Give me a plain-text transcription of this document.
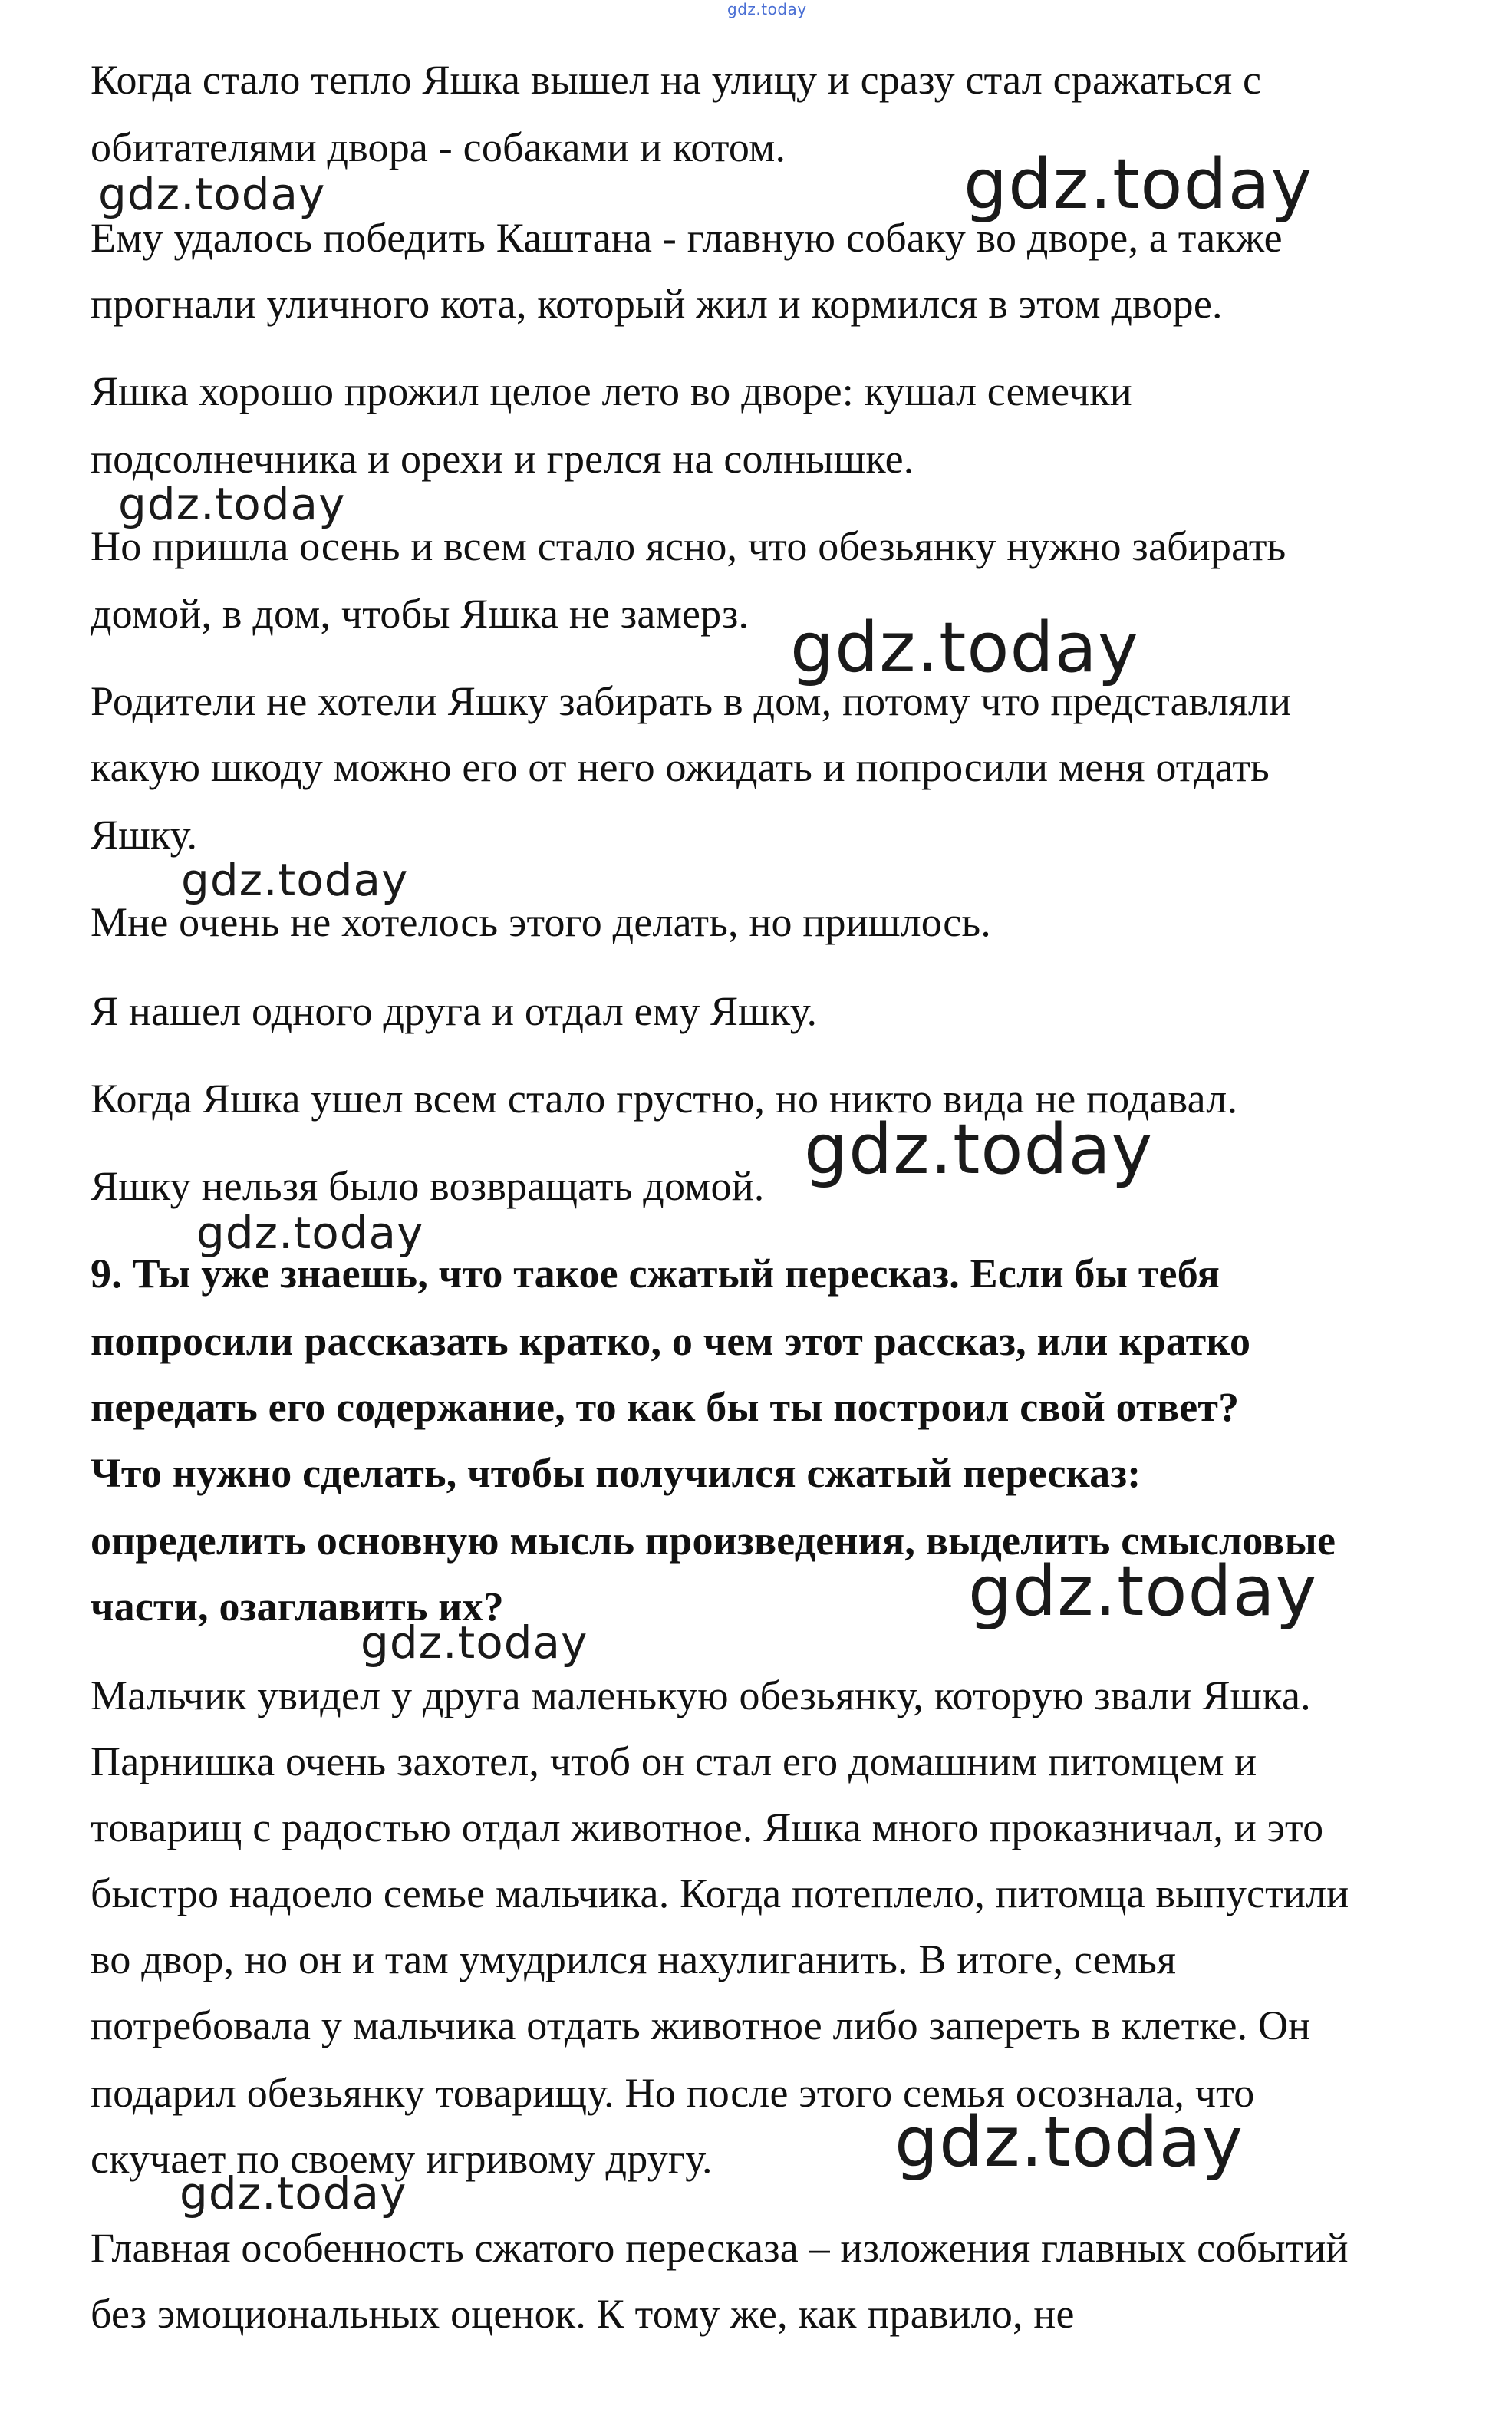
gdz.today
Когда стало тепло Яшка вышел на улицу и сразу стал сражаться с
обитателями двора - собаками и котом.
Ему удалось победить Каштана - главную собаку во дворе, а также
прогнали уличного кота, который жил и кормился в этом дворе.
Яшка хорошо прожил целое лето во дворе: кушал семечки
подсолнечника и орехи и грелся на солнышке.
Но пришла осень и всем стало ясно, что обезьянку нужно забирать
домой, в дом, чтобы Яшка не замерз.
Родители не хотели Яшку забирать в дом, потому что представляли
какую шкоду можно его от него ожидать и попросили меня отдать
Яшку.
Мне очень не хотелось этого делать, но пришлось.
Я нашел одного друга и отдал ему Яшку.
Когда Яшка ушел всем стало грустно, но никто вида не подавал.
Яшку нельзя было возвращать домой.
9. Ты уже знаешь, что такое сжатый пересказ. Если бы тебя
попросили рассказать кратко, о чем этот рассказ, или кратко
передать его содержание, то как бы ты построил свой ответ?
Что нужно сделать, чтобы получился сжатый пересказ:
определить основную мысль произведения, выделить смысловые
части, озаглавить их?
Мальчик увидел у друга маленькую обезьянку, которую звали Яшка.
Парнишка очень захотел, чтоб он стал его домашним питомцем и
товарищ с радостью отдал животное. Яшка много проказничал, и это
быстро надоело семье мальчика. Когда потеплело, питомца выпустили
во двор, но он и там умудрился нахулиганить. В итоге, семья
потребовала у мальчика отдать животное либо запереть в клетке. Он
подарил обезьянку товарищу. Но после этого семья осознала, что
скучает по своему игривому другу.
Главная особенность сжатого пересказа – изложения главных событий
без эмоциональных оценок. К тому же, как правило, не
gdz.today	gdz.today
gdz.today
gdz.today
gdz.today
gdz.today
gdz.today
gdz.today
gdz.today
gdz.today
gdz.today
